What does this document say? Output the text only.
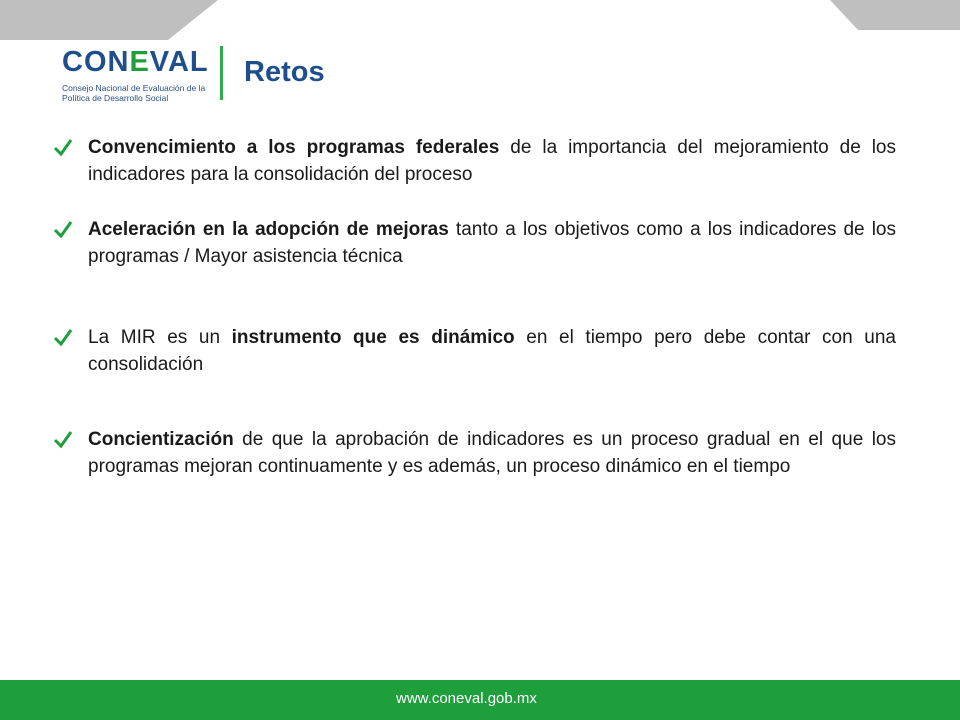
CONEVAL
Consejo Nacional de Evaluación de la Política de Desarrollo Social
Retos
Convencimiento a los programas federales de la importancia del mejoramiento de los indicadores para la consolidación del proceso
Aceleración en la adopción de mejoras tanto a los objetivos como a los indicadores de los programas / Mayor asistencia técnica
La MIR es un instrumento que es dinámico en el tiempo pero debe contar con una consolidación
Concientización de que la aprobación de indicadores es un proceso gradual en el que los programas mejoran continuamente y es además, un proceso dinámico en el tiempo
www.coneval.gob.mx
